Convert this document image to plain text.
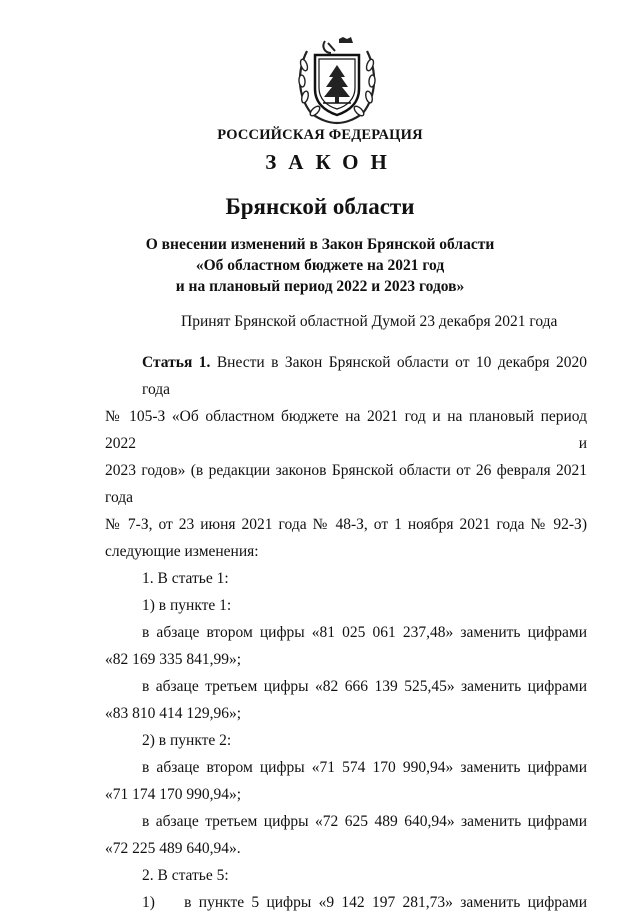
РОССИЙСКАЯ ФЕДЕРАЦИЯ
ЗАКОН
Брянской области
О внесении изменений в Закон Брянской области
«Об областном бюджете на 2021 год
и на плановый период 2022 и 2023 годов»
Принят Брянской областной Думой 23 декабря 2021 года

Статья 1. Внести в Закон Брянской области от 10 декабря 2020 года

№ 105-З «Об областном бюджете на 2021 год и на плановый период 2022 и

2023 годов» (в редакции законов Брянской области от 26 февраля 2021 года

№ 7-З, от 23 июня 2021 года № 48-З, от 1 ноября 2021 года № 92-З)

следующие изменения:

1. В статье 1:

1) в пункте 1:

в абзаце втором цифры «81 025 061 237,48» заменить цифрами

«82 169 335 841,99»;

в абзаце третьем цифры «82 666 139 525,45» заменить цифрами

«83 810 414 129,96»;

2) в пункте 2:

в абзаце втором цифры «71 574 170 990,94» заменить цифрами

«71 174 170 990,94»;

в абзаце третьем цифры «72 625 489 640,94» заменить цифрами

«72 225 489 640,94».

2. В статье 5:

1)    в пункте 5 цифры «9 142 197 281,73» заменить цифрами
